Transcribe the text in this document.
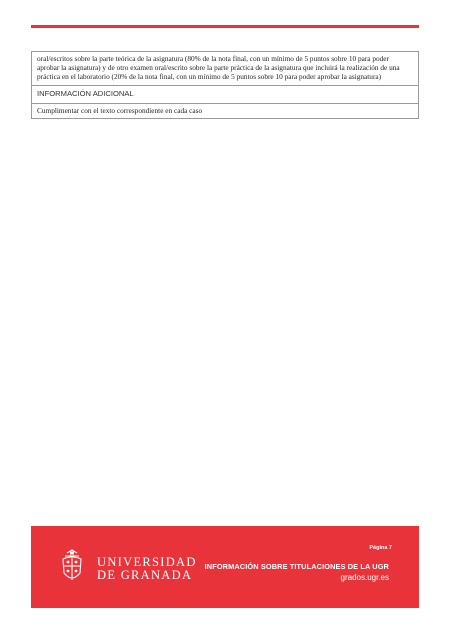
oral/escritos sobre la parte teórica de la asignatura (80% de la nota final, con un mínimo de 5 puntos sobre 10 para poder aprobar la asignatura) y de otro examen oral/escrito sobre la parte práctica de la asignatura que incluirá la realización de una práctica en el laboratorio (20% de la nota final, con un mínimo de 5 puntos sobre 10 para poder aprobar la asignatura)
INFORMACIÓN ADICIONAL
Cumplimentar con el texto correspondiente en cada caso
UNIVERSIDAD
DE GRANADA
Página 7
INFORMACIÓN SOBRE TITULACIONES DE LA UGR
grados.ugr.es
